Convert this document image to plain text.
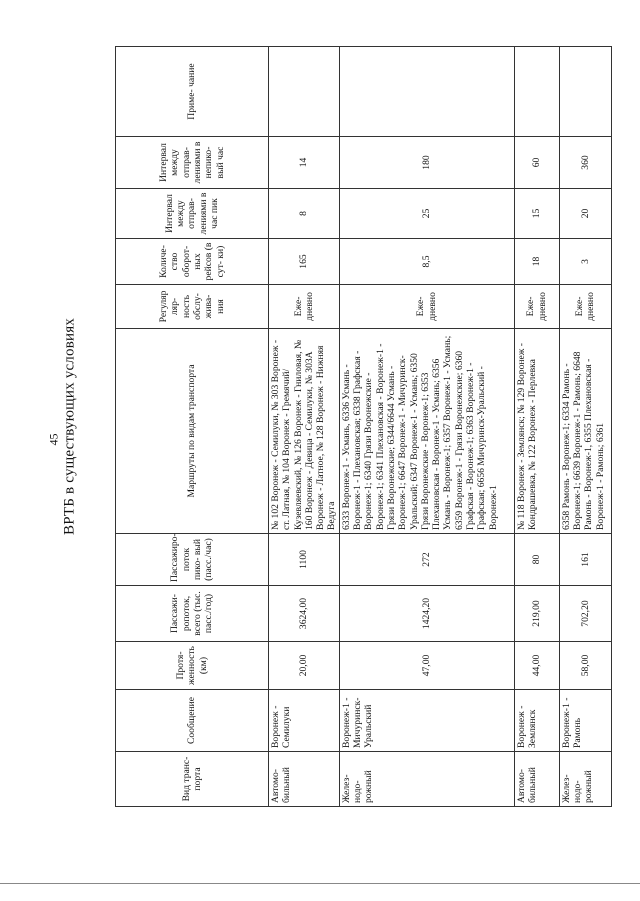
45 ВРТБ в существующих условиях
Вид транс- порта	Сообщение	Протя- женность (км)	Пассажи- ропоток, всего (тыс. пасс./год)	Пассажиро- поток пико- вый (пасс./час)	Маршруты по видам транспорта	Регуляр ляр- ность обслу- жива- ния	Количе- ство оборот- ных рейсов (в сут- ки)	Интервал между отправ- лениями в час пик	Интервал между отправ- лениями в непико- вый час	Приме- чание
Автомо- бильный	Воронеж - Семилуки	20,00	3624,00	1100	№ 102 Воронеж - Семилуки, № 303 Воронеж - ст. Латная, № 104 Воронеж - Гремячий/Кузевляевский, № 126 Воронеж - Гниловая, № 160 Воронеж - Девица - Семилуки, № 303А Воронеж - Латное, № 128 Воронеж - Нижняя Ведуга	Еже- дневно	165	8	14	
Желез- нодо- рожный	Воронеж-1 - Мичуринск- Уральский	47,00	1424,20	272	6333 Воронеж-1 - Усмань, 6336 Усмань - Воронеж-1 - Плехановская; 6338 Графская - Воронеж-1; 6340 Грязи Воронежские - Воронеж-1; 6341 Плехановская - Воронеж-1 - Грязи Воронежские; 6344/6644 Усмань - Воронеж-1; 6647 Воронеж-1 - Мичуринск-Уральский; 6347 Воронеж-1 - Усмань; 6350 Грязи Воронежские - Воронеж-1; 6353 Плехановская - Воронеж-1 - Усмань; 6356 Усмань - Воронеж-1; 6357 Воронеж-1 - Усмань; 6359 Воронеж-1 - Грязи Воронежские; 6360 Графская - Воронеж-1; 6363 Воронеж-1 - Графская; 6656 Мичуринск-Уральский - Воронеж-1	Еже- дневно	8,5	25	180	
Автомо- бильный	Воронеж - Землянск	44,00	219,00	80	№ 118 Воронеж - Землянск; № 129 Воронеж - Кондрашевка, № 122 Воронеж - Перлевка	Еже- дневно	18	15	60	
Желез- нодо- рожный	Воронеж-1 - Рамонь	58,00	702,20	161	6358 Рамонь - Воронеж-1; 6334 Рамонь - Воронеж-1; 6639 Воронеж-1 - Рамонь; 6648 Рамонь - Воронеж-1, 6355 Плехановская - Воронеж-1 - Рамонь; 6361	Еже- дневно	3	20	360	
